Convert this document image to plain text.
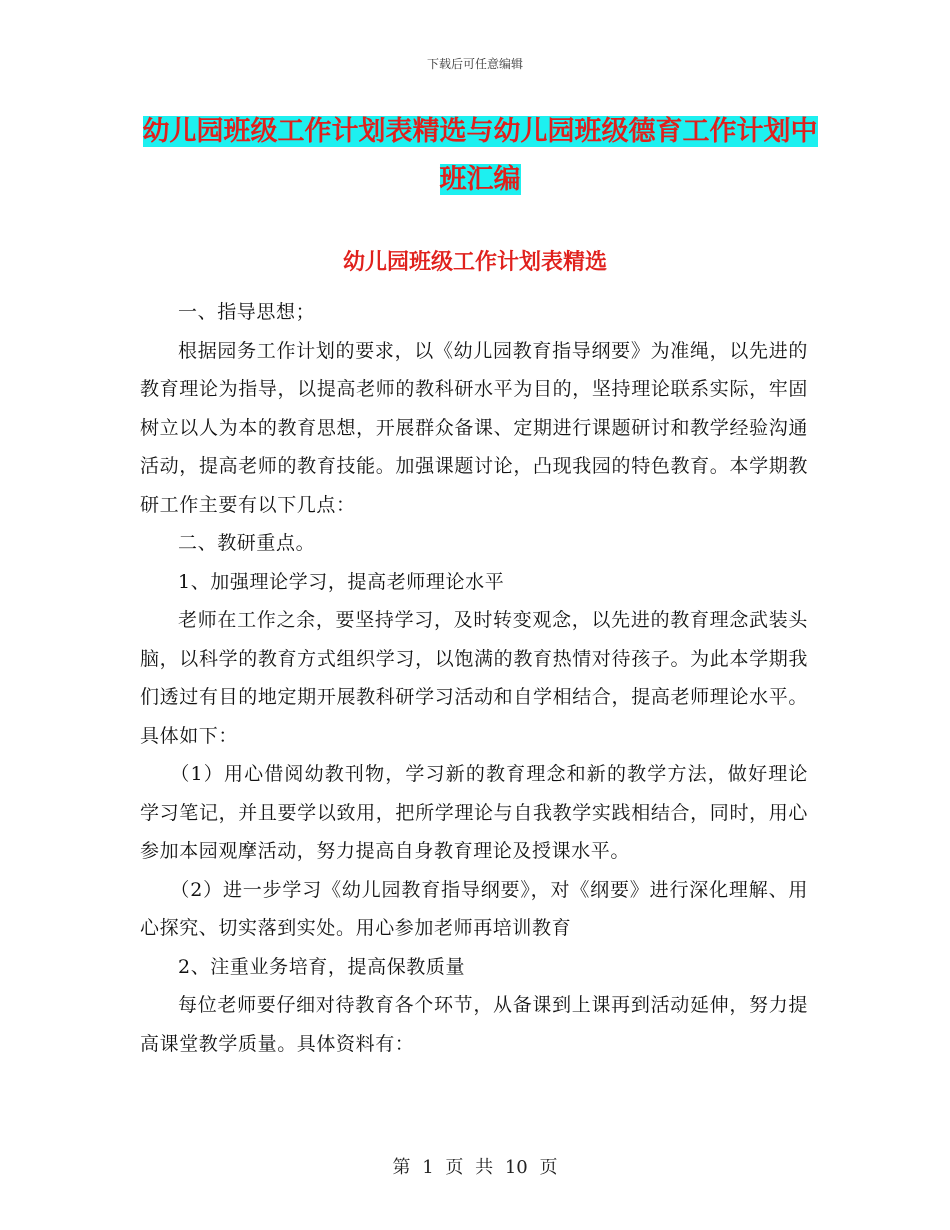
下载后可任意编辑
幼儿园班级工作计划表精选与幼儿园班级德育工作计划中班汇编
幼儿园班级工作计划表精选

一、指导思想；

根据园务工作计划的要求，以《幼儿园教育指导纲要》为准绳，以先进的教育理论为指导，以提高老师的教科研水平为目的，坚持理论联系实际，牢固树立以人为本的教育思想，开展群众备课、定期进行课题研讨和教学经验沟通活动，提高老师的教育技能。加强课题讨论，凸现我园的特色教育。本学期教研工作主要有以下几点：

二、教研重点。

1、加强理论学习，提高老师理论水平

老师在工作之余，要坚持学习，及时转变观念，以先进的教育理念武装头脑，以科学的教育方式组织学习，以饱满的教育热情对待孩子。为此本学期我们透过有目的地定期开展教科研学习活动和自学相结合，提高老师理论水平。具体如下：

（1）用心借阅幼教刊物，学习新的教育理念和新的教学方法，做好理论学习笔记，并且要学以致用，把所学理论与自我教学实践相结合，同时，用心参加本园观摩活动，努力提高自身教育理论及授课水平。

（2）进一步学习《幼儿园教育指导纲要》，对《纲要》进行深化理解、用心探究、切实落到实处。用心参加老师再培训教育

2、注重业务培育，提高保教质量

每位老师要仔细对待教育各个环节，从备课到上课再到活动延伸，努力提高课堂教学质量。具体资料有：

第 1 页 共 10 页
